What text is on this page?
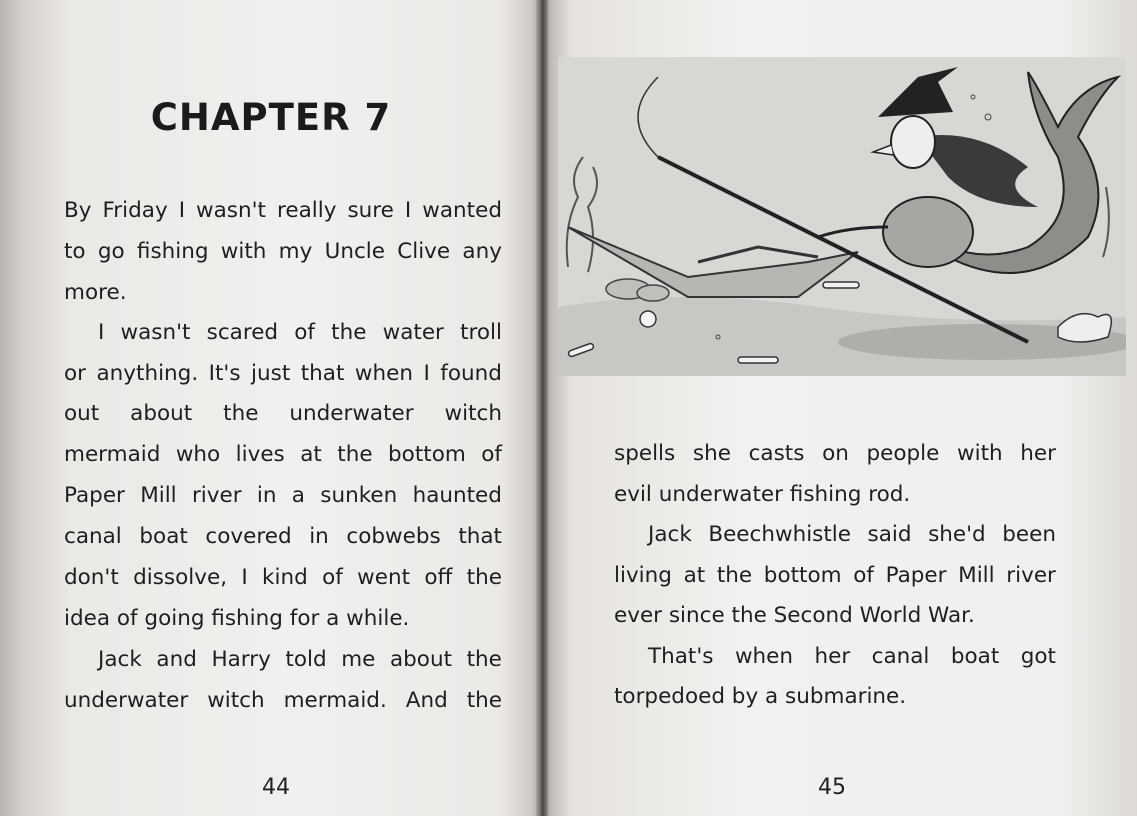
⠀
CHAPTER 7
By Friday I wasn't really sure I wanted
to go fishing with my Uncle Clive any
more.
I wasn't scared of the water troll
or anything. It's just that when I found
out about the underwater witch
mermaid who lives at the bottom of
Paper Mill river in a sunken haunted
canal boat covered in cobwebs that
don't dissolve, I kind of went off the
idea of going fishing for a while.
Jack and Harry told me about the
underwater witch mermaid. And the
44
spells she casts on people with her
evil underwater fishing rod.
Jack Beechwhistle said she'd been
living at the bottom of Paper Mill river
ever since the Second World War.
That's when her canal boat got
torpedoed by a submarine.
45
